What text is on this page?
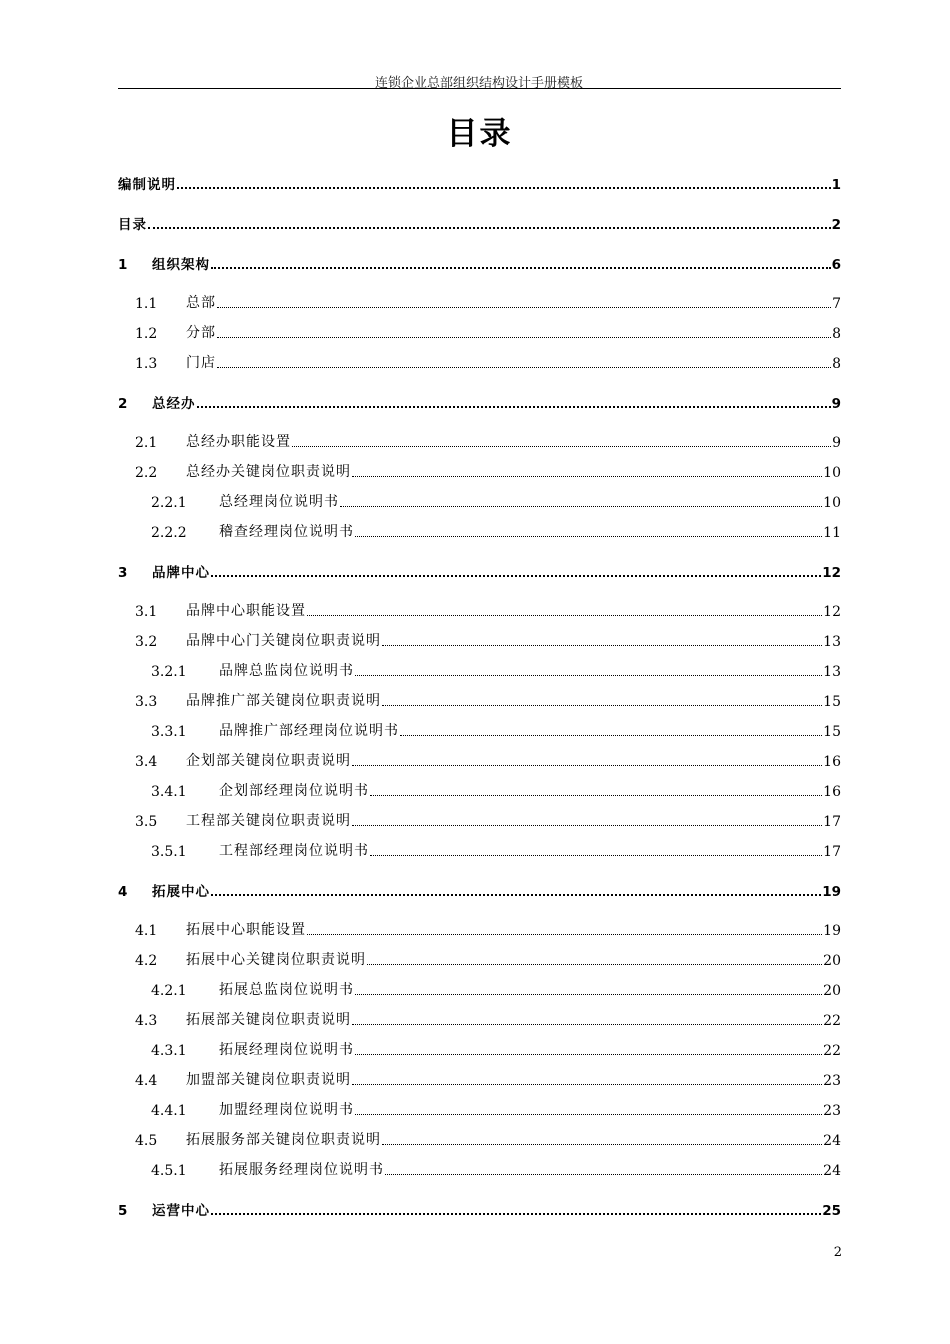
连锁企业总部组织结构设计手册模板
目录
编制说明	1
目录	2
1 组织架构	6
1.1 总部	7
1.2 分部	8
1.3 门店	8
2 总经办	9
2.1 总经办职能设置	9
2.2 总经办关键岗位职责说明	10
2.2.1 总经理岗位说明书	10
2.2.2 稽查经理岗位说明书	11
3 品牌中心	12
3.1 品牌中心职能设置	12
3.2 品牌中心门关键岗位职责说明	13
3.2.1 品牌总监岗位说明书	13
3.3 品牌推广部关键岗位职责说明	15
3.3.1 品牌推广部经理岗位说明书	15
3.4 企划部关键岗位职责说明	16
3.4.1 企划部经理岗位说明书	16
3.5 工程部关键岗位职责说明	17
3.5.1 工程部经理岗位说明书	17
4 拓展中心	19
4.1 拓展中心职能设置	19
4.2 拓展中心关键岗位职责说明	20
4.2.1 拓展总监岗位说明书	20
4.3 拓展部关键岗位职责说明	22
4.3.1 拓展经理岗位说明书	22
4.4 加盟部关键岗位职责说明	23
4.4.1 加盟经理岗位说明书	23
4.5 拓展服务部关键岗位职责说明	24
4.5.1 拓展服务经理岗位说明书	24
5 运营中心	25
2
